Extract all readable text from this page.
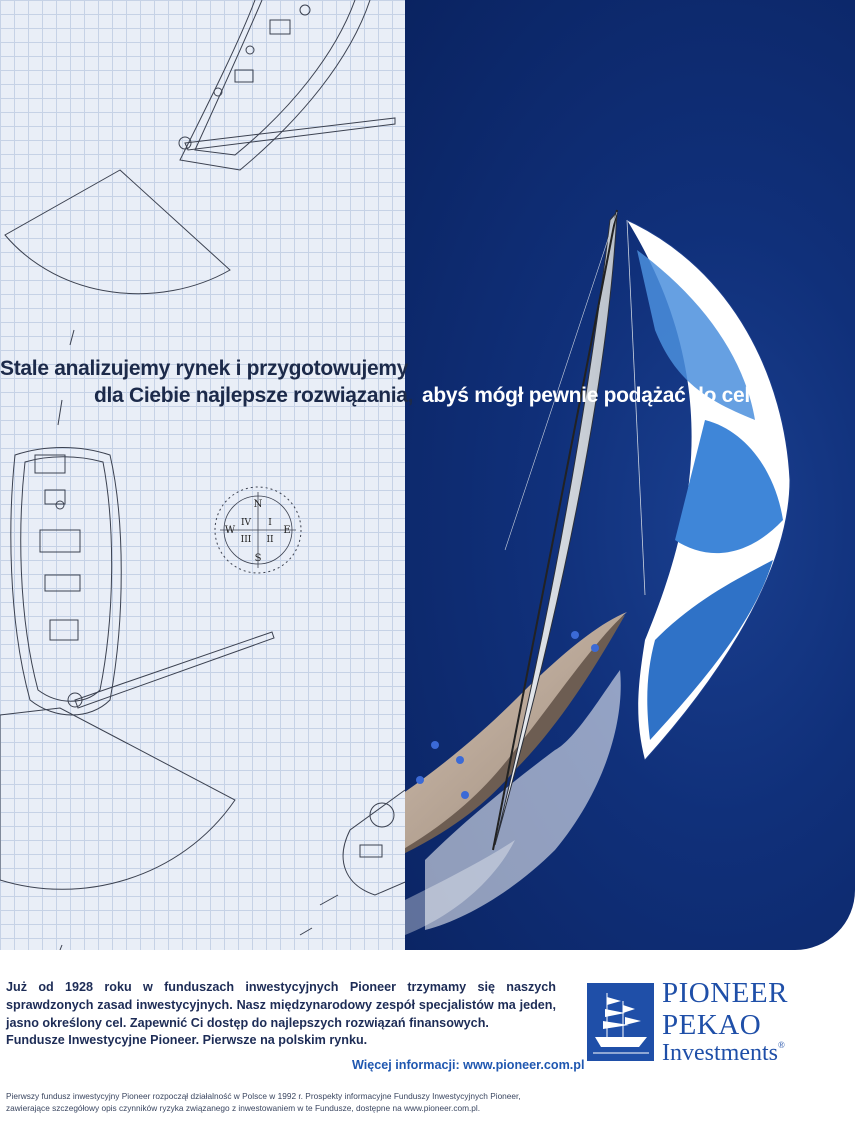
N
E
S
W
I
II
III
IV

Stale analizujemy rynek i przygotowujemy

dla Ciebie najlepsze rozwiązania, abyś mógł pewnie podążać do celu.

Już od 1928 roku w funduszach inwestycyjnych Pioneer trzymamy się naszych sprawdzonych zasad inwestycyjnych. Nasz międzynarodowy zespół specjalistów ma jeden, jasno określony cel. Zapewnić Ci dostęp do najlepszych rozwiązań finansowych.

Fundusze Inwestycyjne Pioneer. Pierwsze na polskim rynku.

Więcej informacji: www.pioneer.com.pl

PIONEER

PEKAO

Investments®

Pierwszy fundusz inwestycyjny Pioneer rozpoczął działalność w Polsce w 1992 r. Prospekty informacyjne Funduszy Inwestycyjnych Pioneer,
zawierające szczegółowy opis czynników ryzyka związanego z inwestowaniem w te Fundusze, dostępne na www.pioneer.com.pl.
